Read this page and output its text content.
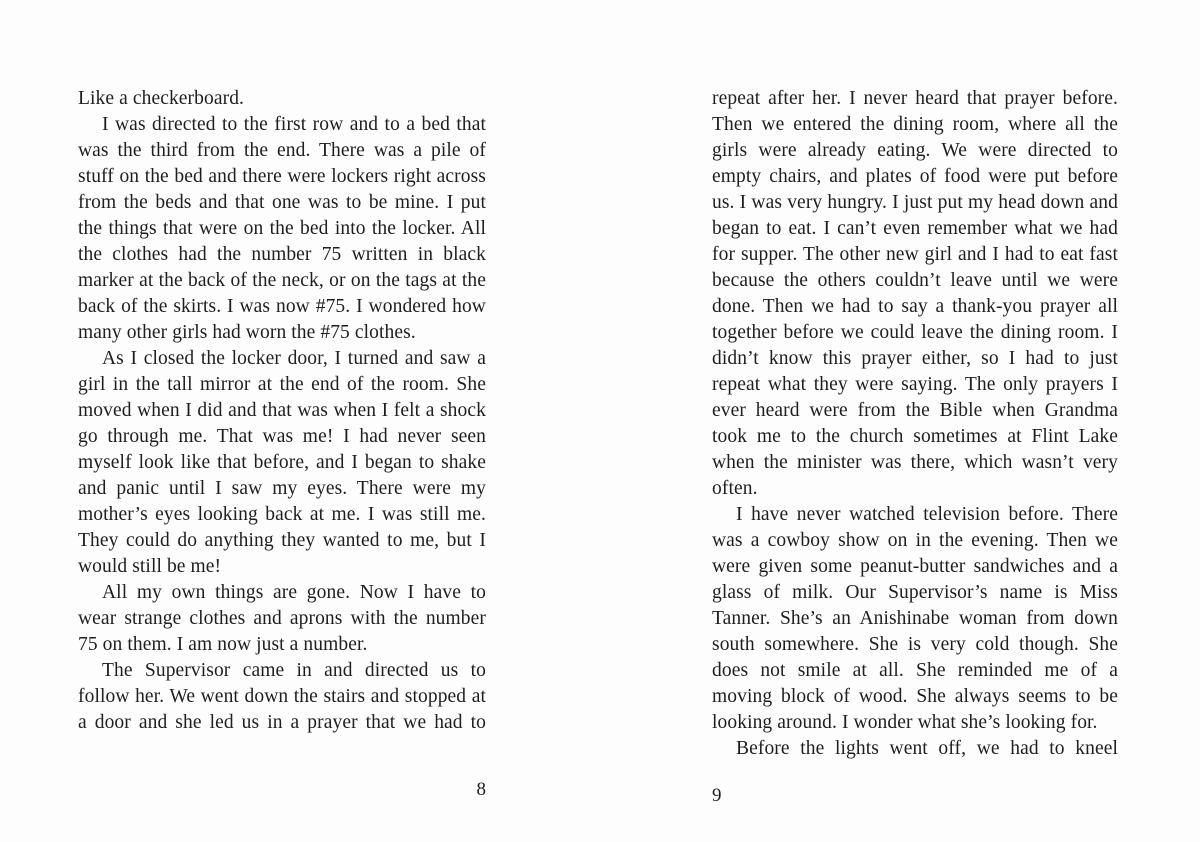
Like a checkerboard.

I was directed to the first row and to a bed that was the third from the end. There was a pile of stuff on the bed and there were lockers right across from the beds and that one was to be mine. I put the things that were on the bed into the locker. All the clothes had the number 75 written in black marker at the back of the neck, or on the tags at the back of the skirts. I was now #75. I wondered how many other girls had worn the #75 clothes.

As I closed the locker door, I turned and saw a girl in the tall mirror at the end of the room. She moved when I did and that was when I felt a shock go through me. That was me! I had never seen myself look like that before, and I began to shake and panic until I saw my eyes. There were my mother’s eyes looking back at me. I was still me. They could do anything they wanted to me, but I would still be me!

All my own things are gone. Now I have to wear strange clothes and aprons with the number 75 on them. I am now just a number.

The Supervisor came in and directed us to follow her. We went down the stairs and stopped at a door and she led us in a prayer that we had to

8

repeat after her. I never heard that prayer before. Then we entered the dining room, where all the girls were already eating. We were directed to empty chairs, and plates of food were put before us. I was very hungry. I just put my head down and began to eat. I can’t even remember what we had for supper. The other new girl and I had to eat fast because the others couldn’t leave until we were done. Then we had to say a thank-you prayer all together before we could leave the dining room. I didn’t know this prayer either, so I had to just repeat what they were saying. The only prayers I ever heard were from the Bible when Grandma took me to the church sometimes at Flint Lake when the minister was there, which wasn’t very often.

I have never watched television before. There was a cowboy show on in the evening. Then we were given some peanut-butter sandwiches and a glass of milk. Our Supervisor’s name is Miss Tanner. She’s an Anishinabe woman from down south somewhere. She is very cold though. She does not smile at all. She reminded me of a moving block of wood. She always seems to be looking around. I wonder what she’s looking for.

Before the lights went off, we had to kneel

9
